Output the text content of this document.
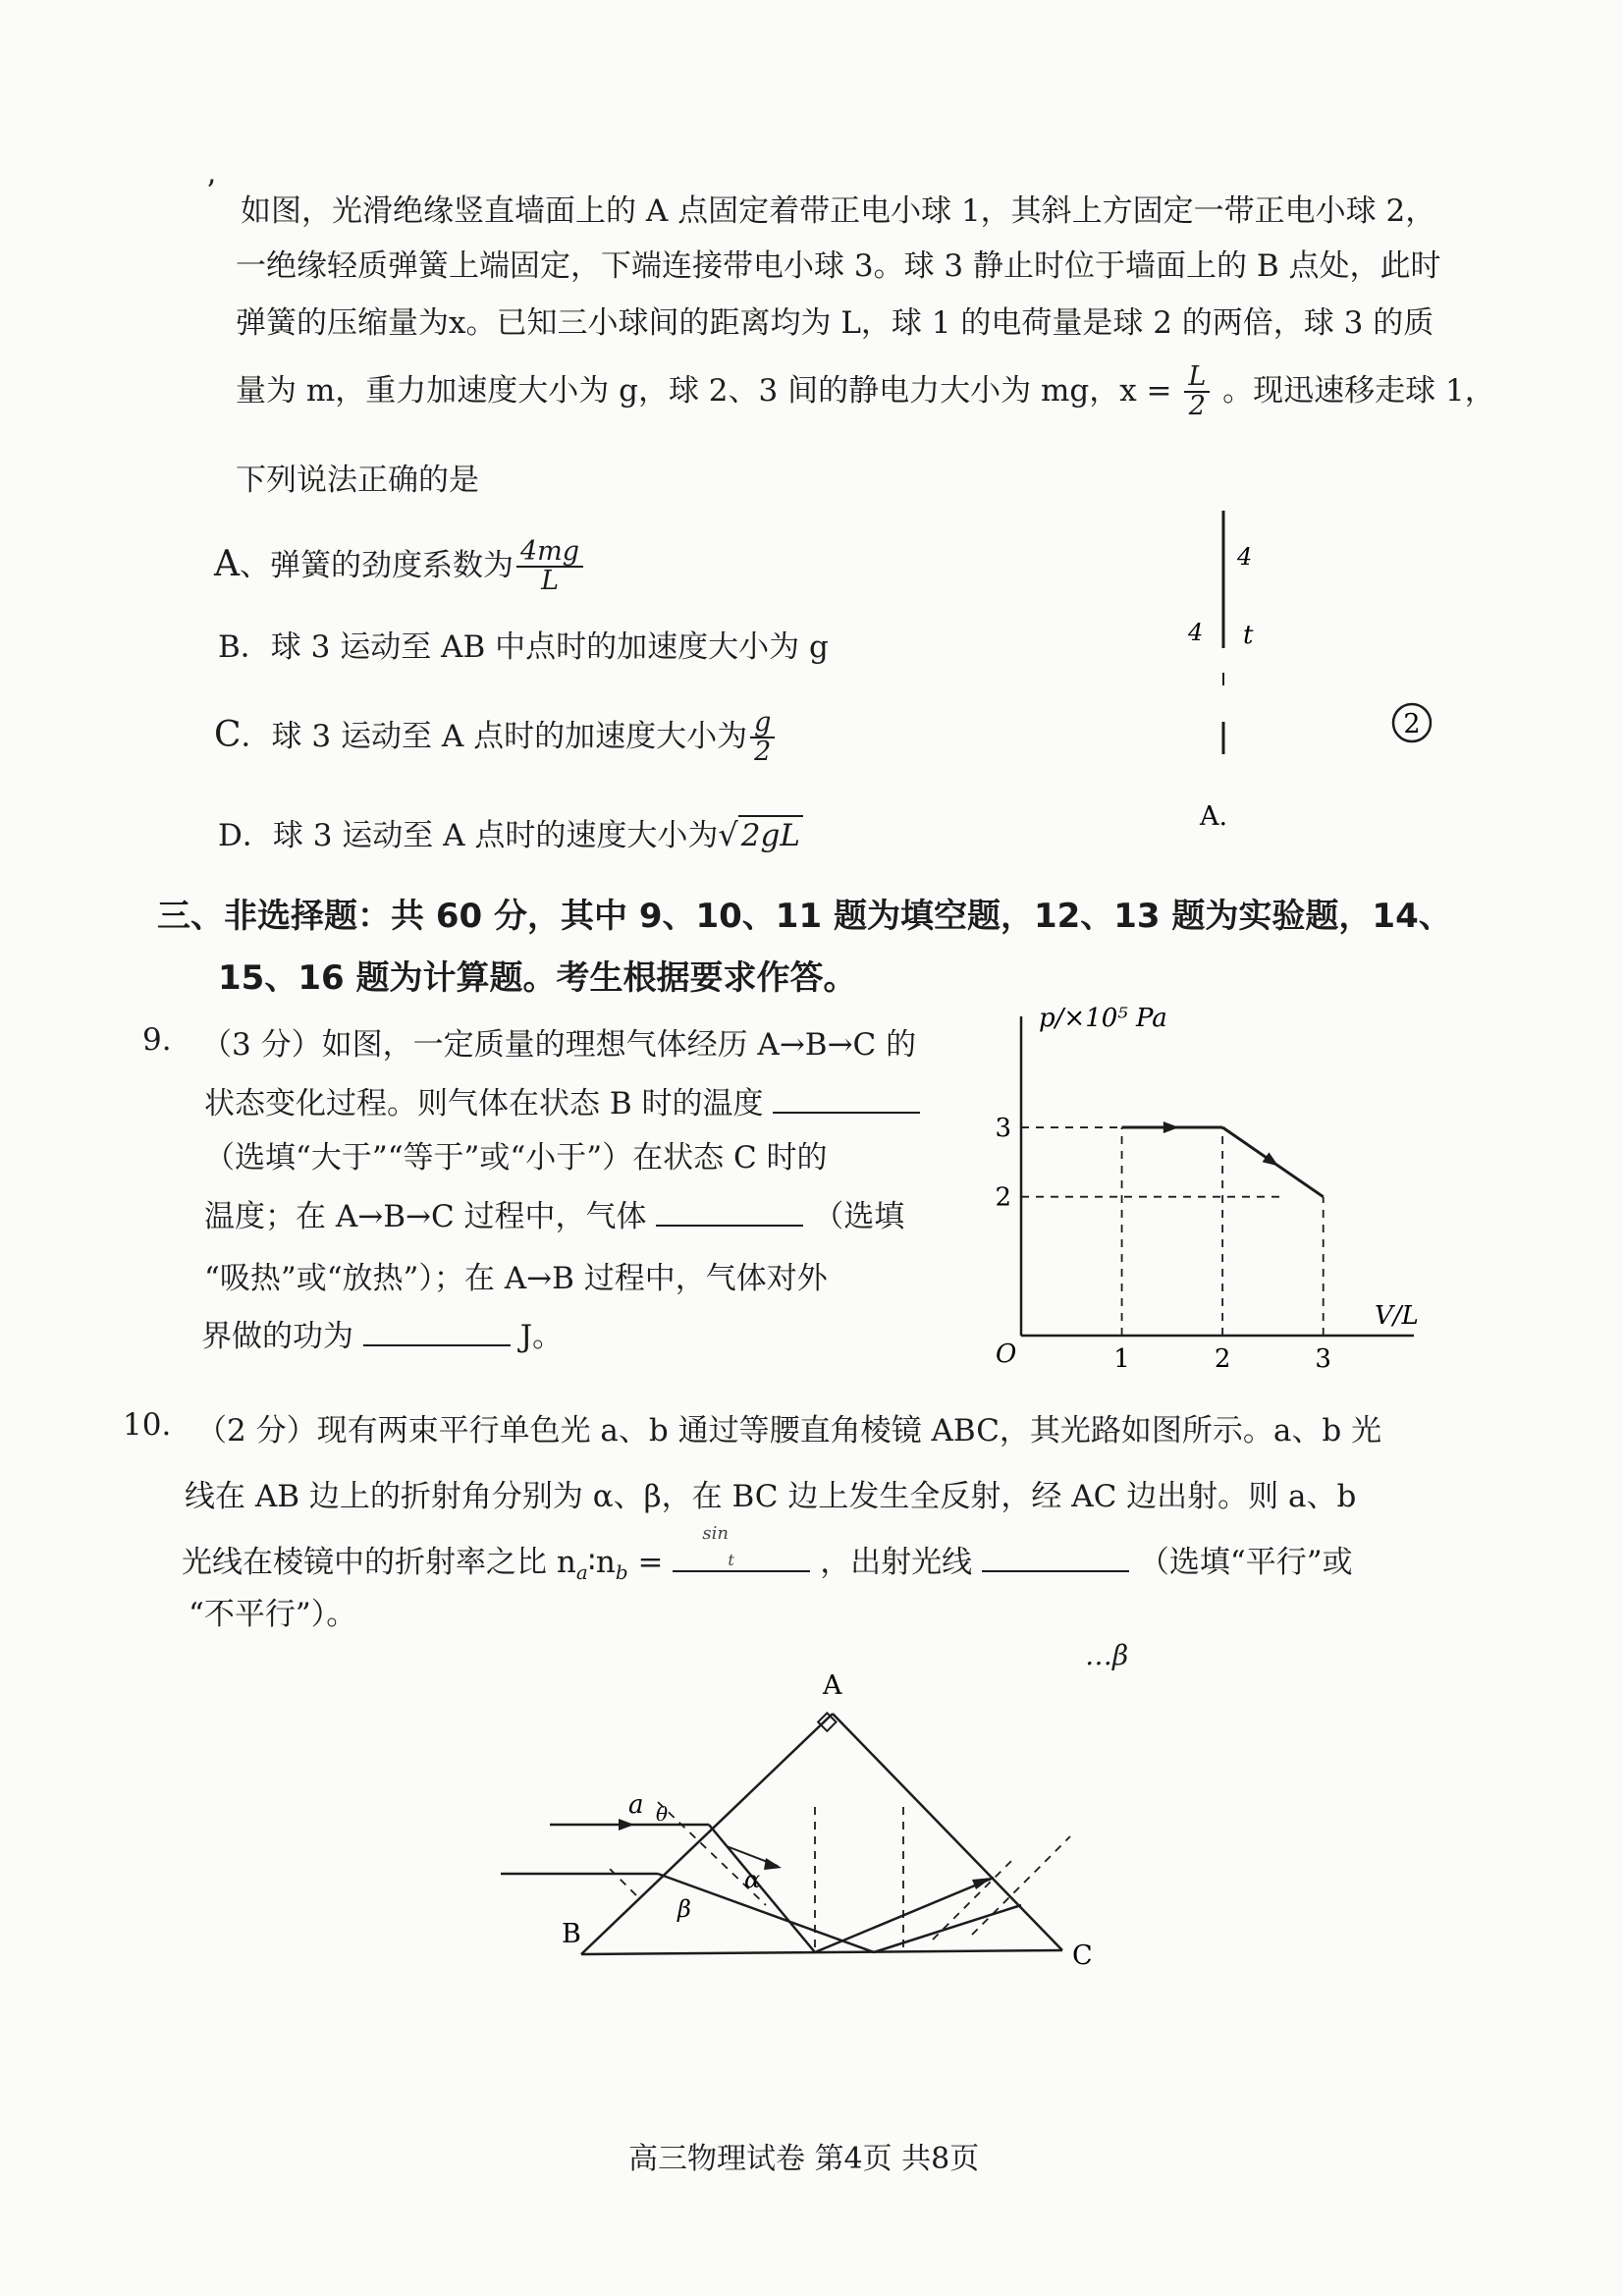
’
如图，光滑绝缘竖直墙面上的 A 点固定着带正电小球 1，其斜上方固定一带正电小球 2，
一绝缘轻质弹簧上端固定，下端连接带电小球 3。球 3 静止时位于墙面上的 B 点处，此时
弹簧的压缩量为x。已知三小球间的距离均为 L，球 1 的电荷量是球 2 的两倍，球 3 的质
量为 m，重力加速度大小为 g，球 2、3 间的静电力大小为 mg，$x = \frac{L}{2}$ 。现迅速移走球 1，
下列说法正确的是
A、弹簧的劲度系数为 $\frac{4mg}{L}$
B．球 3 运动至 AB 中点时的加速度大小为 g
C．球 3 运动至 A 点时的加速度大小为 $\frac{g}{2}$
D．球 3 运动至 A 点时的速度大小为√2gL
4
4 t
A.
2
三、非选择题：共 60 分，其中 9、10、11 题为填空题，12、13 题为实验题，14、
15、16 题为计算题。考生根据要求作答。
9. （3 分）如图，一定质量的理想气体经历 A→B→C 的
状态变化过程。则气体在状态 B 时的温度
（选填“大于”“等于”或“小于”）在状态 C 时的
温度；在 A→B→C 过程中，气体	（选填
“吸热”或“放热”）；在 A→B 过程中，气体对外
界做的功为	J。
p/×10⁵ Pa
V/L
O	1	2	3
2
3
10. （2 分）现有两束平行单色光 a、b 通过等腰直角棱镜 ABC，其光路如图所示。a、b 光
线在 AB 边上的折射角分别为 α、β，在 BC 边上发生全反射，经 AC 边出射。则 a、b
光线在棱镜中的折射率之比 $n_a∶n_b$ =
sin
t	，出射光线	（选填“平行”或
“不平行”）。
…β
A
B
C
a θ
α
β
高三物理试卷 第4页 共8页
